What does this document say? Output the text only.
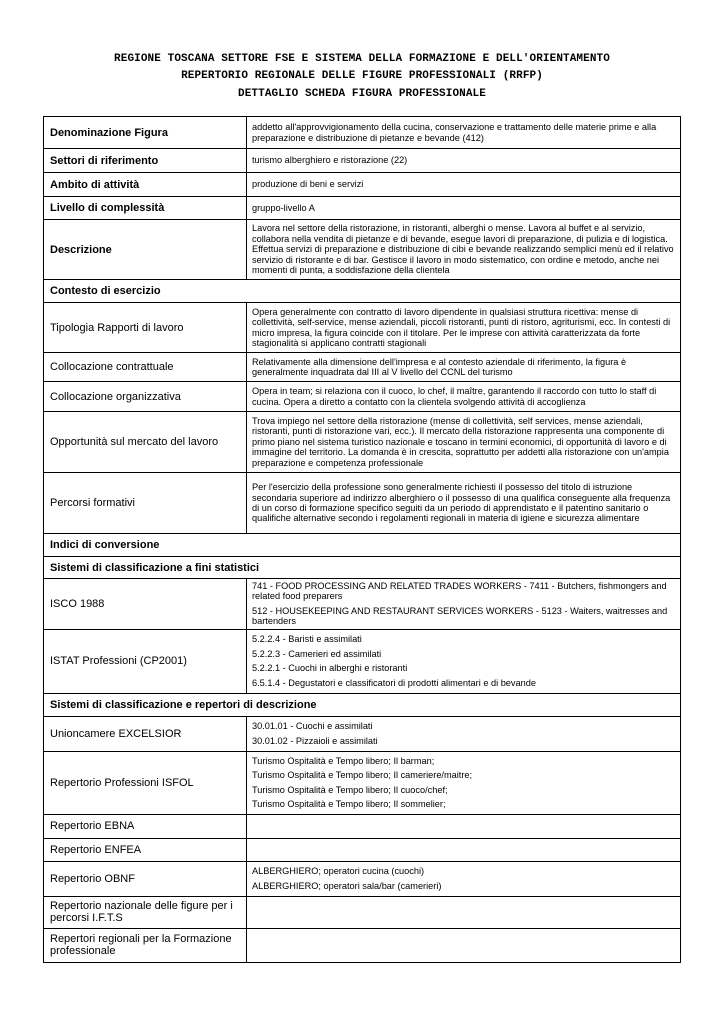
REGIONE TOSCANA SETTORE FSE E SISTEMA DELLA FORMAZIONE E DELL'ORIENTAMENTO
REPERTORIO REGIONALE DELLE FIGURE PROFESSIONALI (RRFP)
DETTAGLIO SCHEDA FIGURA PROFESSIONALE
Denominazione Figura	addetto all'approvvigionamento della cucina, conservazione e trattamento delle materie prime e alla preparazione e distribuzione di pietanze e bevande (412)
Settori di riferimento	turismo alberghiero e ristorazione (22)
Ambito di attività	produzione di beni e servizi
Livello di complessità	gruppo-livello A
Descrizione	Lavora nel settore della ristorazione, in ristoranti, alberghi o mense. Lavora al buffet e al servizio, collabora nella vendita di pietanze e di bevande, esegue lavori di preparazione, di pulizia e di logistica. Effettua servizi di preparazione e distribuzione di cibi e bevande realizzando semplici menù ed il relativo servizio di ristorante e di bar. Gestisce il lavoro in modo sistematico, con ordine e metodo, anche nei momenti di punta, a soddisfazione della clientela
Contesto di esercizio	
Tipologia Rapporti di lavoro	Opera generalmente con contratto di lavoro dipendente in qualsiasi struttura ricettiva: mense di collettività, self-service, mense aziendali, piccoli ristoranti, punti di ristoro, agriturismi, ecc. In contesti di micro impresa, la figura coincide con il titolare. Per le imprese con attività caratterizzata da forte stagionalità si applicano contratti stagionali
Collocazione contrattuale	Relativamente alla dimensione dell'impresa e al contesto aziendale di riferimento, la figura è generalmente inquadrata dal III al V livello del CCNL del turismo
Collocazione organizzativa	Opera in team; si relaziona con il cuoco, lo chef, il maître, garantendo il raccordo con tutto lo staff di cucina. Opera a diretto a contatto con la clientela svolgendo attività di accoglienza
Opportunità sul mercato del lavoro	Trova impiego nel settore della ristorazione (mense di collettività, self services, mense aziendali, ristoranti, punti di ristorazione vari, ecc.). Il mercato della ristorazione rappresenta una componente di primo piano nel sistema turistico nazionale e toscano in termini economici, di opportunità di lavoro e di immagine del territorio. La domanda è in crescita, soprattutto per addetti alla ristorazione con un'ampia preparazione e competenza professionale
Percorsi formativi	Per l'esercizio della professione sono generalmente richiesti il possesso del titolo di istruzione secondaria superiore ad indirizzo alberghiero o il possesso di una qualifica conseguente alla frequenza di un corso di formazione specifico seguiti da un periodo di apprendistato e il patentino sanitario o qualifiche alternative secondo i regolamenti regionali in materia di igiene e sicurezza alimentare
Indici di conversione	
Sistemi di classificazione a fini statistici	
ISCO 1988	741 - FOOD PROCESSING AND RELATED TRADES WORKERS - 7411 - Butchers, fishmongers and related food preparers
512 - HOUSEKEEPING AND RESTAURANT SERVICES WORKERS - 5123 - Waiters, waitresses and bartenders

ISTAT Professioni (CP2001)	5.2.2.4 - Baristi e assimilati
5.2.2.3 - Camerieri ed assimilati
5.2.2.1 - Cuochi in alberghi e ristoranti
6.5.1.4 - Degustatori e classificatori di prodotti alimentari e di bevande

Sistemi di classificazione e repertori di descrizione	
Unioncamere EXCELSIOR	30.01.01 - Cuochi e assimilati
30.01.02 - Pizzaioli e assimilati

Repertorio Professioni ISFOL	Turismo Ospitalità e Tempo libero; Il barman;
Turismo Ospitalità e Tempo libero; Il cameriere/maitre;
Turismo Ospitalità e Tempo libero; Il cuoco/chef;
Turismo Ospitalità e Tempo libero; Il sommelier;

Repertorio EBNA	
Repertorio ENFEA	
Repertorio OBNF	ALBERGHIERO; operatori cucina (cuochi)
ALBERGHIERO; operatori sala/bar (camerieri)

Repertorio nazionale delle figure per i percorsi I.F.T.S	
Repertori regionali per la Formazione professionale	
